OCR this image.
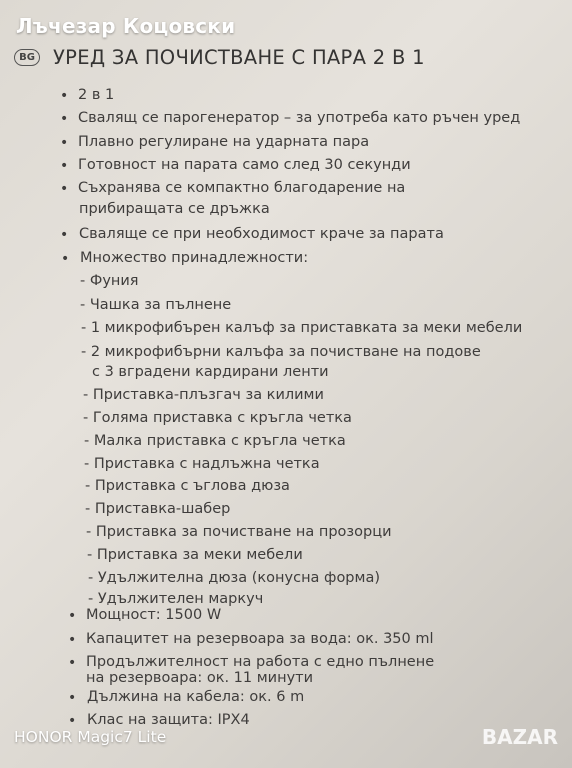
Лъчезар Коцовски
BG УРЕД ЗА ПОЧИСТВАНЕ С ПАРА 2 В 1
•
•
•
•
•
•
•
•
•
•
•
•
2 в 1
Свалящ се парогенератор – за употреба като ръчен уред
Плавно регулиране на ударната пара
Готовност на парата само след 30 секунди
Съхранява се компактно благодарение на
прибиращата се дръжка
Сваляще се при необходимост краче за парата
Множество принадлежности:
- Фуния
- Чашка за пълнене
- 1 микрофибърен калъф за приставката за меки мебели
- 2 микрофибърни калъфа за почистване на подове
с 3 вградени кардирани ленти
- Приставка-плъзгач за килими
- Голяма приставка с кръгла четка
- Малка приставка с кръгла четка
- Приставка с надлъжна четка
- Приставка с ъглова дюза
- Приставка-шабер
- Приставка за почистване на прозорци
- Приставка за меки мебели
- Удължителна дюза (конусна форма)
- Удължителен маркуч
Мощност: 1500 W
Капацитет на резервоара за вода: ок. 350 ml
Продължителност на работа с едно пълнене
на резервоара: ок. 11 минути
Дължина на кабела: ок. 6 m
Клас на защита: IPX4
HONOR Magic7 Lite	BAZAR
